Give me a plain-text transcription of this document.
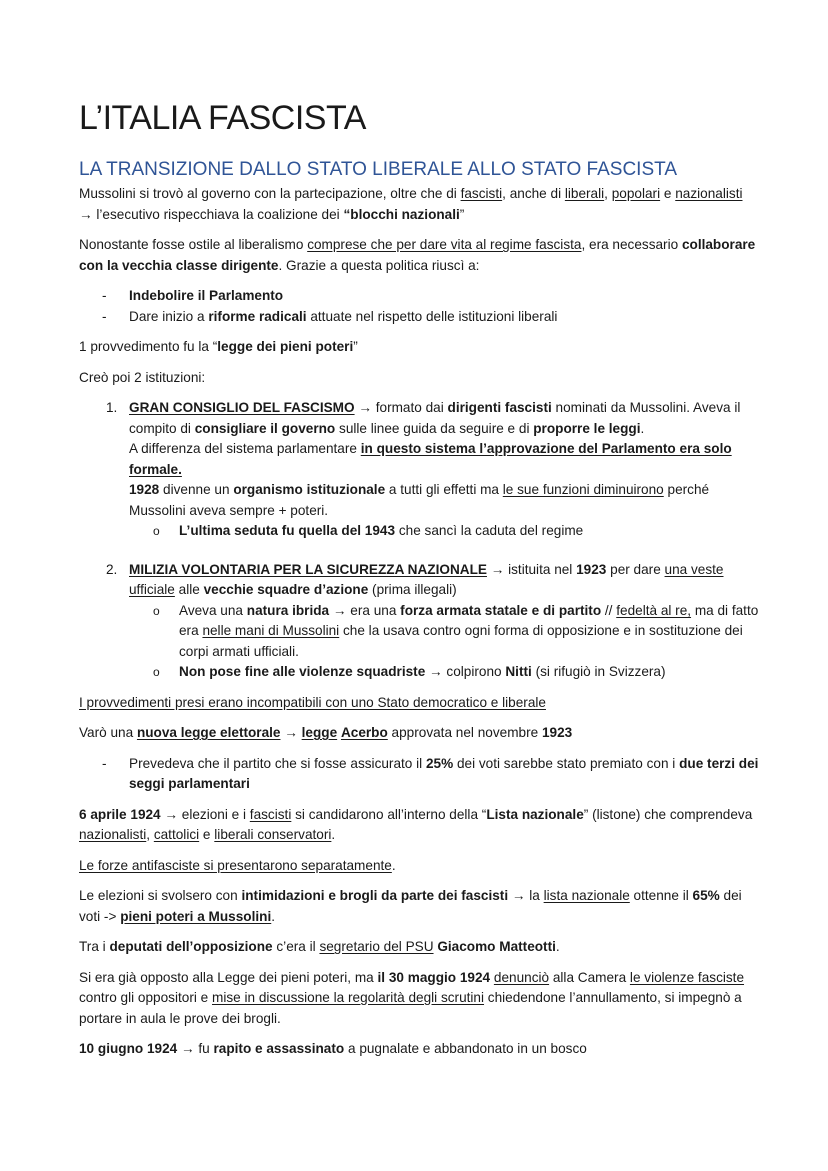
L’ITALIA FASCISTA
LA TRANSIZIONE DALLO STATO LIBERALE ALLO STATO FASCISTA

Mussolini si trovò al governo con la partecipazione, oltre che di fascisti, anche di liberali, popolari e nazionalisti → l’esecutivo rispecchiava la coalizione dei “blocchi nazionali”

Nonostante fosse ostile al liberalismo comprese che per dare vita al regime fascista, era necessario collaborare con la vecchia classe dirigente. Grazie a questa politica riuscì a:

- Indebolire il Parlamento
- Dare inizio a riforme radicali attuate nel rispetto delle istituzioni liberali

1 provvedimento fu la “legge dei pieni poteri”

Creò poi 2 istituzioni:

1. GRAN CONSIGLIO DEL FASCISMO → formato dai dirigenti fascisti nominati da Mussolini. Aveva il compito di consigliare il governo sulle linee guida da seguire e di proporre le leggi.
A differenza del sistema parlamentare in questo sistema l’approvazione del Parlamento era solo formale.
1928 divenne un organismo istituzionale a tutti gli effetti ma le sue funzioni diminuirono perché Mussolini aveva sempre + poteri.
o L’ultima seduta fu quella del 1943 che sancì la caduta del regime
2. MILIZIA VOLONTARIA PER LA SICUREZZA NAZIONALE → istituita nel 1923 per dare una veste ufficiale alle vecchie squadre d’azione (prima illegali)
o Aveva una natura ibrida → era una forza armata statale e di partito // fedeltà al re, ma di fatto era nelle mani di Mussolini che la usava contro ogni forma di opposizione e in sostituzione dei corpi armati ufficiali.
o Non pose fine alle violenze squadriste → colpirono Nitti (si rifugiò in Svizzera)

I provvedimenti presi erano incompatibili con uno Stato democratico e liberale

Varò una nuova legge elettorale → legge Acerbo approvata nel novembre 1923

- Prevedeva che il partito che si fosse assicurato il 25% dei voti sarebbe stato premiato con i due terzi dei seggi parlamentari

6 aprile 1924 → elezioni e i fascisti si candidarono all’interno della “Lista nazionale” (listone) che comprendeva nazionalisti, cattolici e liberali conservatori.

Le forze antifasciste si presentarono separatamente.

Le elezioni si svolsero con intimidazioni e brogli da parte dei fascisti → la lista nazionale ottenne il 65% dei voti -> pieni poteri a Mussolini.

Tra i deputati dell’opposizione c’era il segretario del PSU Giacomo Matteotti.

Si era già opposto alla Legge dei pieni poteri, ma il 30 maggio 1924 denunciò alla Camera le violenze fasciste contro gli oppositori e mise in discussione la regolarità degli scrutini chiedendone l’annullamento, si impegnò a portare in aula le prove dei brogli.

10 giugno 1924 → fu rapito e assassinato a pugnalate e abbandonato in un bosco
